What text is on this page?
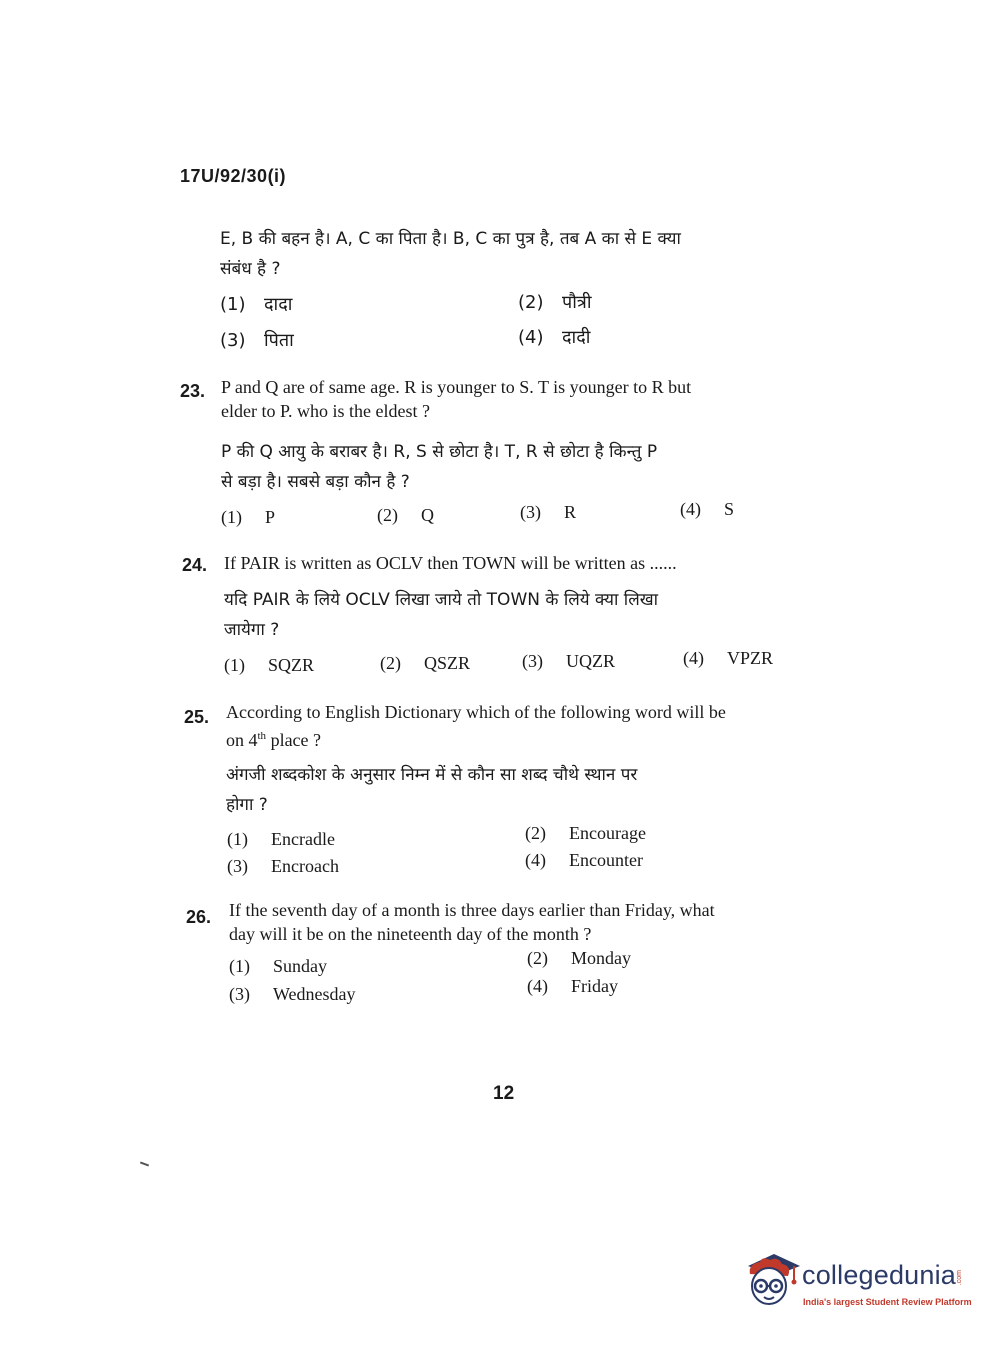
17U/92/30(i)
E, B की बहन है। A, C का पिता है। B, C का पुत्र है, तब A का से E क्या
संबंध है ?
(1) दादा	(2) पौत्री
(3) पिता	(4) दादी
23. P and Q are of same age. R is younger to S. T is younger to R but
elder to P. who is the eldest ?
P की Q आयु के बराबर है। R, S से छोटा है। T, R से छोटा है किन्तु P
से बड़ा है। सबसे बड़ा कौन है ?
(1) P	(2) Q	(3) R	(4) S
24. If PAIR is written as OCLV then TOWN will be written as ......
यदि PAIR के लिये OCLV लिखा जाये तो TOWN के लिये क्या लिखा
जायेगा ?
(1) SQZR	(2) QSZR	(3) UQZR	(4) VPZR
25. According to English Dictionary which of the following word will be
on 4th place ?
अंगजी शब्दकोश के अनुसार निम्न में से कौन सा शब्द चौथे स्थान पर
होगा ?
(1) Encradle	(2) Encourage
(3) Encroach	(4) Encounter
26. If the seventh day of a month is three days earlier than Friday, what
day will it be on the nineteenth day of the month ?
(1) Sunday	(2) Monday
(3) Wednesday	(4) Friday
12
collegedunia .com
India's largest Student Review Platform
